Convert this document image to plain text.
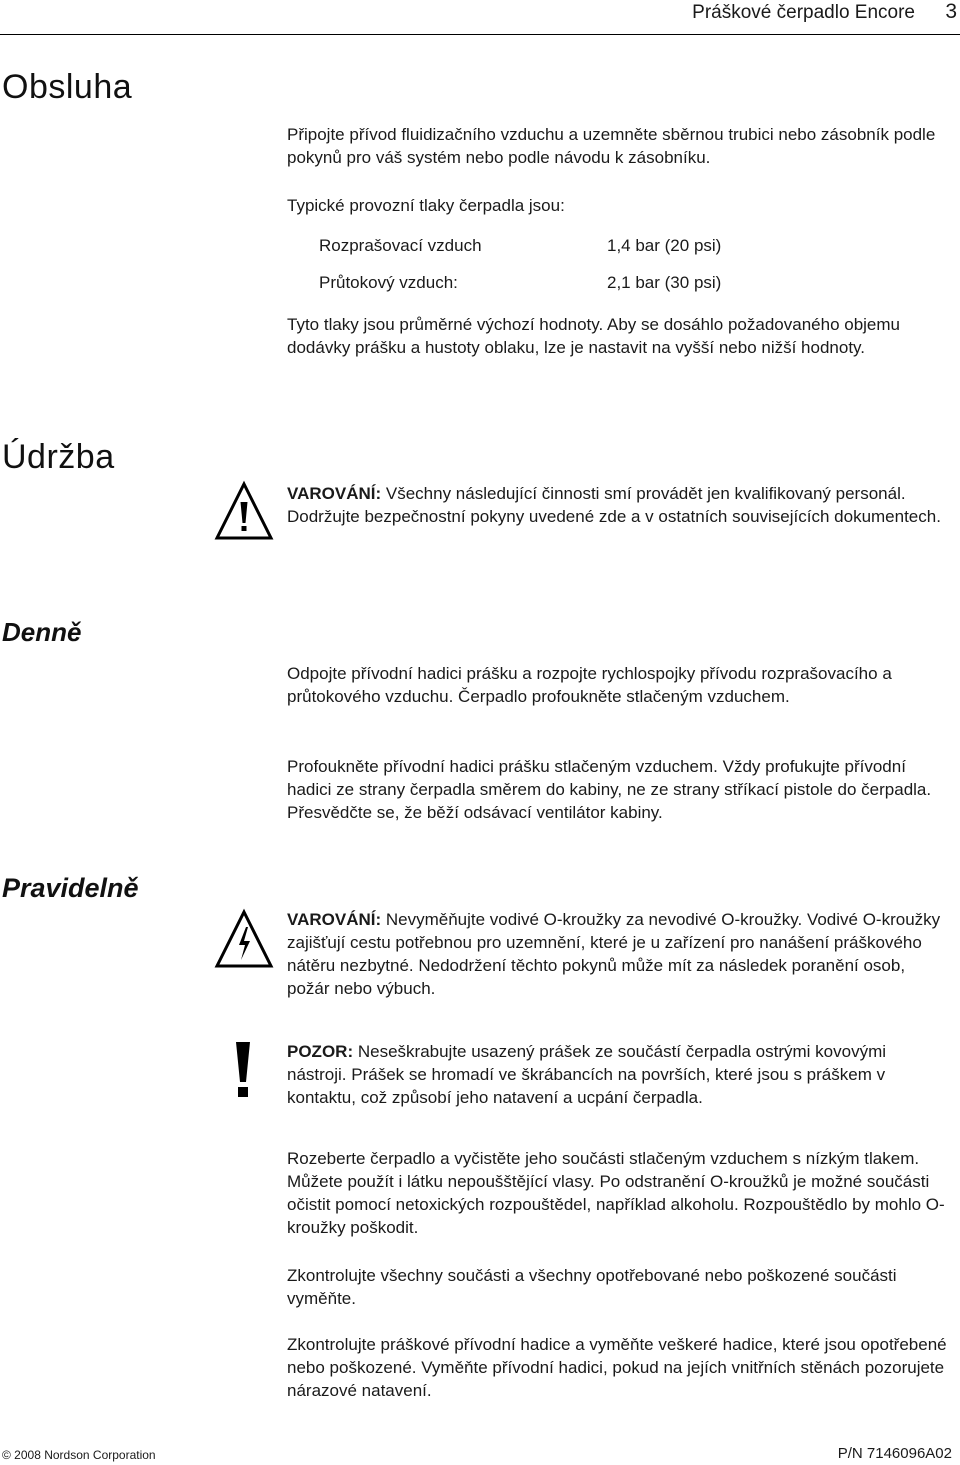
Práškové čerpadlo Encore 3
Obsluha

Připojte přívod fluidizačního vzduchu a uzemněte sběrnou trubici nebo zásobník podle pokynů pro váš systém nebo podle návodu k zásobníku.

Typické provozní tlaky čerpadla jsou:

Rozprašovací vzduch	1,4 bar (20 psi)
Průtokový vzduch:	2,1 bar (30 psi)

Tyto tlaky jsou průměrné výchozí hodnoty. Aby se dosáhlo požadovaného objemu dodávky prášku a hustoty oblaku, lze je nastavit na vyšší nebo nižší hodnoty.

Údržba

VAROVÁNÍ: Všechny následující činnosti smí provádět jen kvalifikovaný personál. Dodržujte bezpečnostní pokyny uvedené zde a v ostatních souvisejících dokumentech.

Denně

Odpojte přívodní hadici prášku a rozpojte rychlospojky přívodu rozprašovacího a průtokového vzduchu. Čerpadlo profoukněte stlačeným vzduchem.

Profoukněte přívodní hadici prášku stlačeným vzduchem. Vždy profukujte přívodní hadici ze strany čerpadla směrem do kabiny, ne ze strany stříkací pistole do čerpadla. Přesvědčte se, že běží odsávací ventilátor kabiny.

Pravidelně

VAROVÁNÍ: Nevyměňujte vodivé O-kroužky za nevodivé O-kroužky. Vodivé O-kroužky zajišťují cestu potřebnou pro uzemnění, které je u zařízení pro nanášení práškového nátěru nezbytné. Nedodržení těchto pokynů může mít za následek poranění osob, požár nebo výbuch.

POZOR: Neseškrabujte usazený prášek ze součástí čerpadla ostrými kovovými nástroji. Prášek se hromadí ve škrábancích na površích, které jsou s práškem v kontaktu, což způsobí jeho natavení a ucpání čerpadla.

Rozeberte čerpadlo a vyčistěte jeho součásti stlačeným vzduchem s nízkým tlakem. Můžete použít i látku nepoušštějící vlasy. Po odstranění O-kroužků je možné součásti očistit pomocí netoxických rozpouštědel, například alkoholu. Rozpouštědlo by mohlo O-kroužky poškodit.

Zkontrolujte všechny součásti a všechny opotřebované nebo poškozené součásti vyměňte.

Zkontrolujte práškové přívodní hadice a vyměňte veškeré hadice, které jsou opotřebené nebo poškozené. Vyměňte přívodní hadici, pokud na jejích vnitřních stěnách pozorujete nárazové natavení.

© 2008 Nordson Corporation	P/N 7146096A02
